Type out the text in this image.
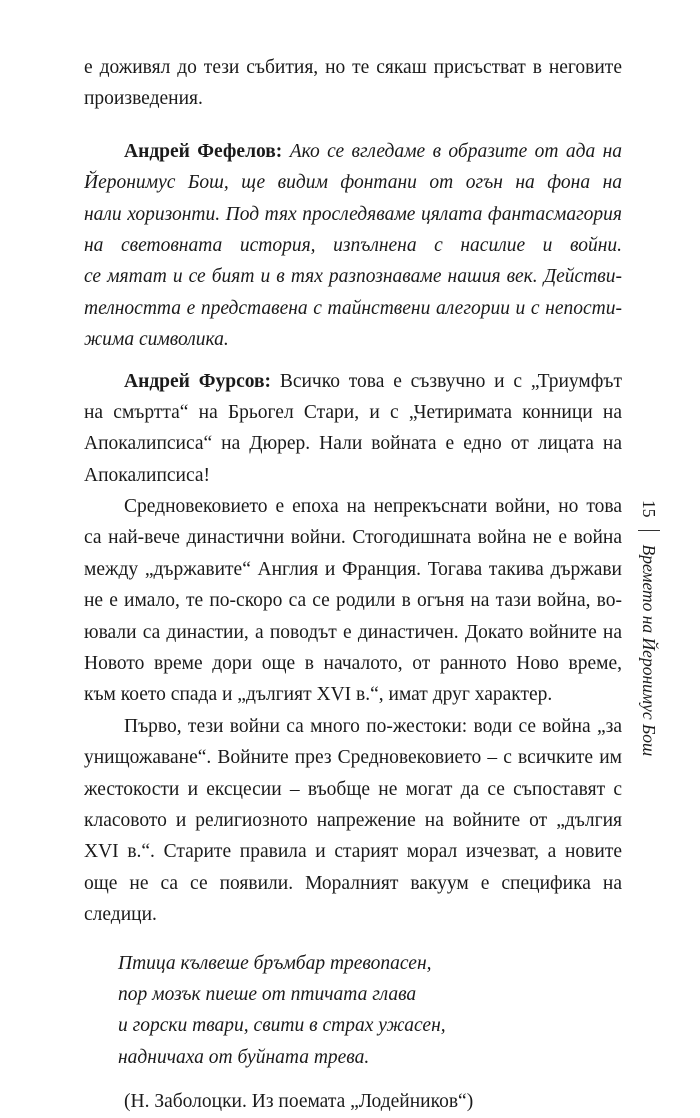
е доживял до тези събития, но те сякаш присъстват в неговите
произведения.
Андрей Фефелов: Ако се вгледаме в образите от ада на
Йеронимус Бош, ще видим фонтани от огън на фона на
нали хоризонти. Под тях проследяваме цялата фантасмагория
на световната история, изпълнена с насилие и войни.
се мятат и се бият и в тях разпознаваме нашия век. Действи-
телността е представена с тайнствени алегории и с непости-
жима символика.
Андрей Фурсов: Всичко това е съзвучно и с „Триумфът
на смъртта“ на Брьогел Стари, и с „Четиримата конници на
Апокалипсиса“ на Дюрер. Нали войната е едно от лицата на
Апокалипсиса!
Средновековието е епоха на непрекъснати войни, но това
са най-вече династични войни. Стогодишната война не е война
между „държавите“ Англия и Франция. Тогава такива държави
не е имало, те по-скоро са се родили в огъня на тази война, во-
ювали са династии, а поводът е династичен. Докато войните на
Новото време дори още в началото, от ранното Ново време,
към което спада и „дългият XVI в.“, имат друг характер.
Първо, тези войни са много по-жестоки: води се война „за
унищожаване“. Войните през Средновековието – с всичките им
жестокости и ексцесии – въобще не могат да се съпоставят с
класовото и религиозното напрежение на войните от „дългия
XVI в.“. Старите правила и старият морал изчезват, а новите
още не са се появили. Моралният вакуум е специфика на
следици.
Птица кълвеше бръмбар тревопасен,
пор мозък пиеше от птичата глава
и горски твари, свити в страх ужасен,
надничаха от буйната трева.
(Н. Заболоцки. Из поемата „Лодейников“)
15
Времето на Йеронимус Бош
